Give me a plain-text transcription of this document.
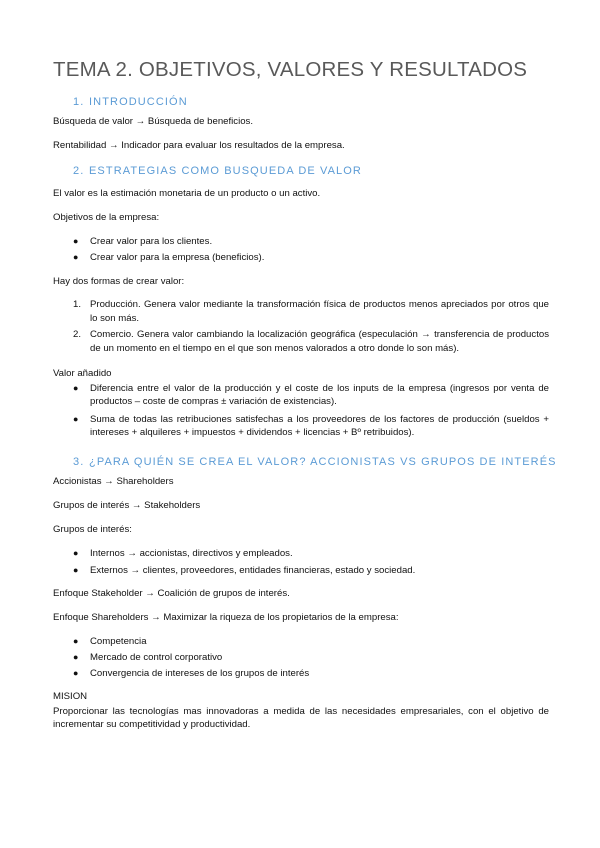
TEMA 2. OBJETIVOS, VALORES Y RESULTADOS
1. INTRODUCCIÓN
Búsqueda de valor → Búsqueda de beneficios.
Rentabilidad → Indicador para evaluar los resultados de la empresa.
2. ESTRATEGIAS COMO BUSQUEDA DE VALOR
El valor es la estimación monetaria de un producto o un activo.
Objetivos de la empresa:
● Crear valor para los clientes.
● Crear valor para la empresa (beneficios).
Hay dos formas de crear valor:
1. Producción. Genera valor mediante la transformación física de productos menos apreciados por otros que lo son más.
2. Comercio. Genera valor cambiando la localización geográfica (especulación → transferencia de productos de un momento en el tiempo en el que son menos valorados a otro donde lo son más).
Valor añadido
● Diferencia entre el valor de la producción y el coste de los inputs de la empresa (ingresos por venta de productos – coste de compras ± variación de existencias).
● Suma de todas las retribuciones satisfechas a los proveedores de los factores de producción (sueldos + intereses + alquileres + impuestos + dividendos + licencias + Bº retribuidos).
3. ¿PARA QUIÉN SE CREA EL VALOR? ACCIONISTAS VS GRUPOS DE INTERÉS
Accionistas → Shareholders
Grupos de interés → Stakeholders
Grupos de interés:
● Internos → accionistas, directivos y empleados.
● Externos → clientes, proveedores, entidades financieras, estado y sociedad.
Enfoque Stakeholder → Coalición de grupos de interés.
Enfoque Shareholders → Maximizar la riqueza de los propietarios de la empresa:
● Competencia
● Mercado de control corporativo
● Convergencia de intereses de los grupos de interés
MISION
Proporcionar las tecnologías mas innovadoras a medida de las necesidades empresariales, con el objetivo de incrementar su competitividad y productividad.
